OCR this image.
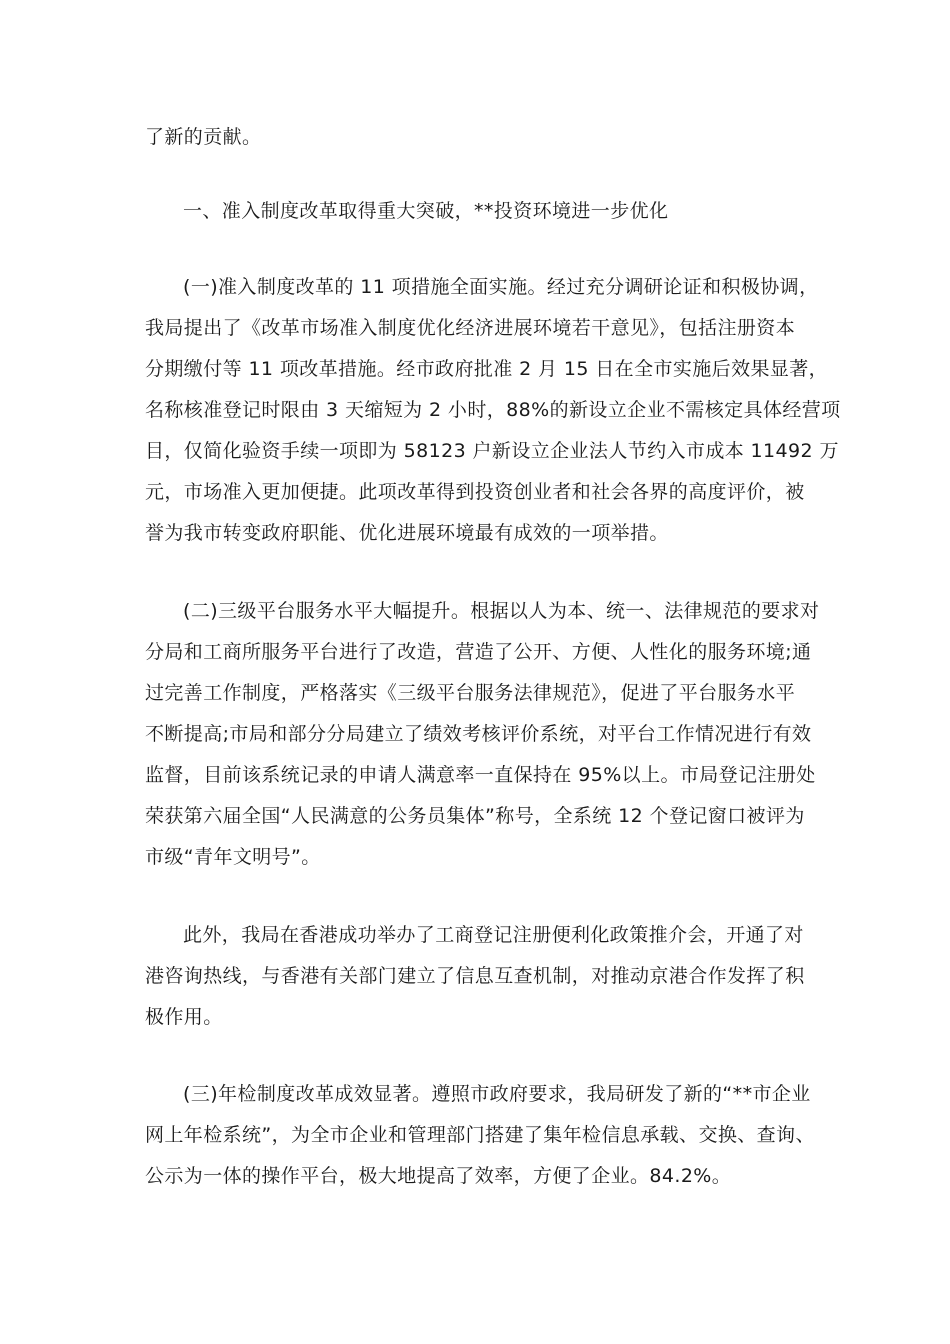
了新的贡献。
一、准入制度改革取得重大突破，**投资环境进一步优化
(一)准入制度改革的 11 项措施全面实施。经过充分调研论证和积极协调，
我局提出了《改革市场准入制度优化经济进展环境若干意见》，包括注册资本
分期缴付等 11 项改革措施。经市政府批准 2 月 15 日在全市实施后效果显著，
名称核准登记时限由 3 天缩短为 2 小时，88%的新设立企业不需核定具体经营项
目，仅简化验资手续一项即为 58123 户新设立企业法人节约入市成本 11492 万
元，市场准入更加便捷。此项改革得到投资创业者和社会各界的高度评价，被
誉为我市转变政府职能、优化进展环境最有成效的一项举措。
(二)三级平台服务水平大幅提升。根据以人为本、统一、法律规范的要求对
分局和工商所服务平台进行了改造，营造了公开、方便、人性化的服务环境;通
过完善工作制度，严格落实《三级平台服务法律规范》，促进了平台服务水平
不断提高;市局和部分分局建立了绩效考核评价系统，对平台工作情况进行有效
监督，目前该系统记录的申请人满意率一直保持在 95%以上。市局登记注册处
荣获第六届全国“人民满意的公务员集体”称号，全系统 12 个登记窗口被评为
市级“青年文明号”。
此外，我局在香港成功举办了工商登记注册便利化政策推介会，开通了对
港咨询热线，与香港有关部门建立了信息互查机制，对推动京港合作发挥了积
极作用。
(三)年检制度改革成效显著。遵照市政府要求，我局研发了新的“**市企业
网上年检系统”，为全市企业和管理部门搭建了集年检信息承载、交换、查询、
公示为一体的操作平台，极大地提高了效率，方便了企业。84.2%。
